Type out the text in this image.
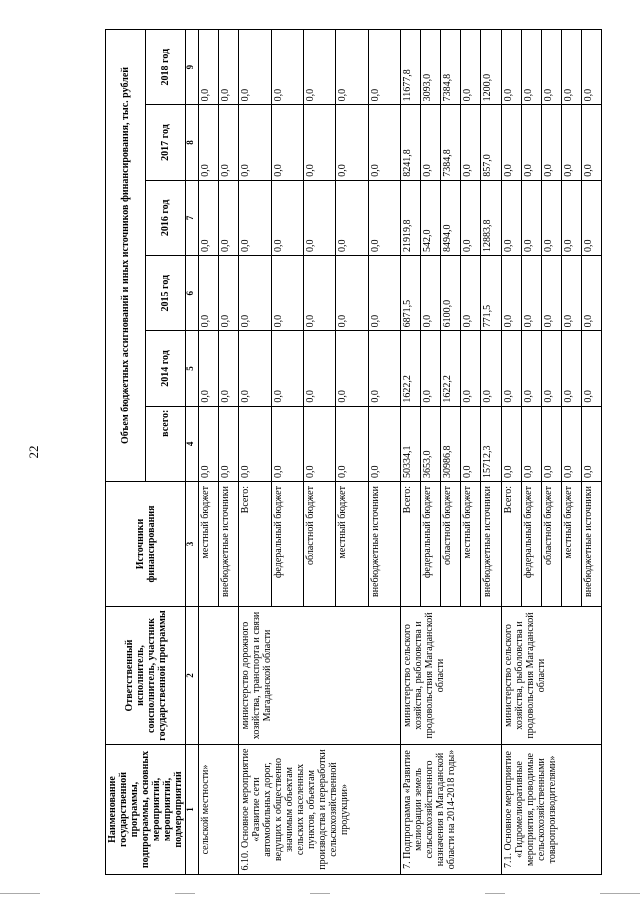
22
Наименование государственной программы, подпрограммы, основных мероприятий, мероприятий, подмероприятий	Ответственный исполнитель, соисполнитель, участник государственной программы	Источники финансирования	Объем бюджетных ассигнований и иных источников финансирования, тыс. рублей					
			всего:	2014 год	2015 год	2016 год	2017 год	2018 год
1	2	3	4	5	6	7	8	9
сельской местности»		местный бюджет	0,0	0,0	0,0	0,0	0,0	0,0
		внебюджетные источники	0,0	0,0	0,0	0,0	0,0	0,0
6.10. Основное мероприятие «Развитие сети автомобильных дорог, ведущих к общественно значимым объектам сельских населенных пунктов, объектам производства и переработки сельскохозяйственной продукции»	министерство дорожного хозяйства, транспорта и связи Магаданской области	Всего:	0,0	0,0	0,0	0,0	0,0	0,0
		федеральный бюджет	0,0	0,0	0,0	0,0	0,0	0,0
		областной бюджет	0,0	0,0	0,0	0,0	0,0	0,0
		местный бюджет	0,0	0,0	0,0	0,0	0,0	0,0
		внебюджетные источники	0,0	0,0	0,0	0,0	0,0	0,0
7. Подпрограмма «Развитие мелиорации земель сельскохозяйственного назначения в Магаданской области на 2014-2018 годы»	министерство сельского хозяйства, рыболовства и продовольствия Магаданской области	Всего:	50334,1	1622,2	6871,5	21919,8	8241,8	11677,8
		федеральный бюджет	3653,0	0,0	0,0	542,0	0,0	3093,0
		областной бюджет	30986,8	1622,2	6100,0	8494,0	7384,8	7384,8
		местный бюджет	0,0	0,0	0,0	0,0	0,0	0,0
		внебюджетные источники	15712,3	0,0	771,5	12883,8	857,0	1200,0
7.1. Основное мероприятие «Гидромелиоративные мероприятия, проводимые сельскохозяйственными товаропроизводителями»	министерство сельского хозяйства, рыболовства и продовольствия Магаданской области	Всего:	0,0	0,0	0,0	0,0	0,0	0,0
		федеральный бюджет	0,0	0,0	0,0	0,0	0,0	0,0
		областной бюджет	0,0	0,0	0,0	0,0	0,0	0,0
		местный бюджет	0,0	0,0	0,0	0,0	0,0	0,0
		внебюджетные источники	0,0	0,0	0,0	0,0	0,0	0,0
